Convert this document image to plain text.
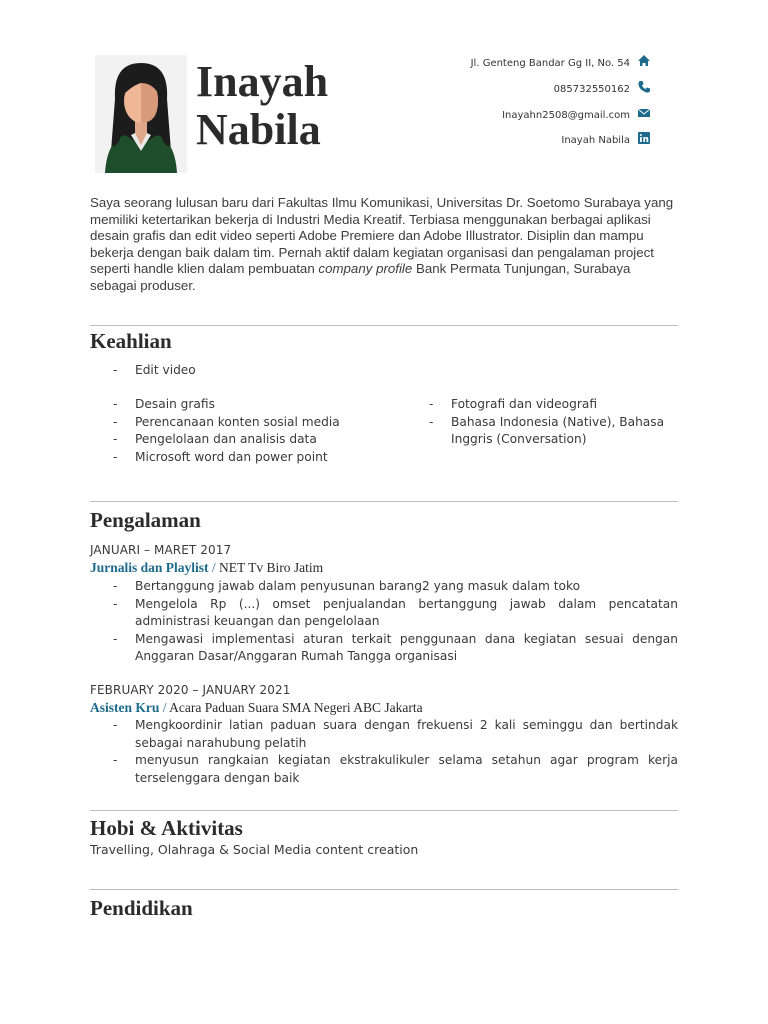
Inayah
Nabila
Jl. Genteng Bandar Gg II, No. 54
085732550162
Inayahn2508@gmail.com
Inayah Nabila
Saya seorang lulusan baru dari Fakultas Ilmu Komunikasi, Universitas Dr. Soetomo Surabaya yang memiliki ketertarikan bekerja di Industri Media Kreatif. Terbiasa menggunakan berbagai aplikasi desain grafis dan edit video seperti Adobe Premiere dan Adobe Illustrator. Disiplin dan mampu bekerja dengan baik dalam tim. Pernah aktif dalam kegiatan organisasi dan pengalaman project seperti handle klien dalam pembuatan company profile Bank Permata Tunjungan, Surabaya sebagai produser.
Keahlian
- Edit video
- Desain grafis
- Perencanaan konten sosial media
- Pengelolaan dan analisis data
- Microsoft word dan power point
- Fotografi dan videografi
- Bahasa Indonesia (Native), Bahasa Inggris (Conversation)
Pengalaman
JANUARI – MARET 2017
Jurnalis dan Playlist / NET Tv Biro Jatim
- Bertanggung jawab dalam penyusunan barang2 yang masuk dalam toko
- Mengelola Rp (...) omset penjualandan bertanggung jawab dalam pencatatan administrasi keuangan dan pengelolaan
- Mengawasi implementasi aturan terkait penggunaan dana kegiatan sesuai dengan Anggaran Dasar/Anggaran Rumah Tangga organisasi
FEBRUARY 2020 – JANUARY 2021
Asisten Kru / Acara Paduan Suara SMA Negeri ABC Jakarta
- Mengkoordinir latian paduan suara dengan frekuensi 2 kali seminggu dan bertindak sebagai narahubung pelatih
- menyusun rangkaian kegiatan ekstrakulikuler selama setahun agar program kerja terselenggara dengan baik
Hobi & Aktivitas
Travelling, Olahraga & Social Media content creation
Pendidikan
